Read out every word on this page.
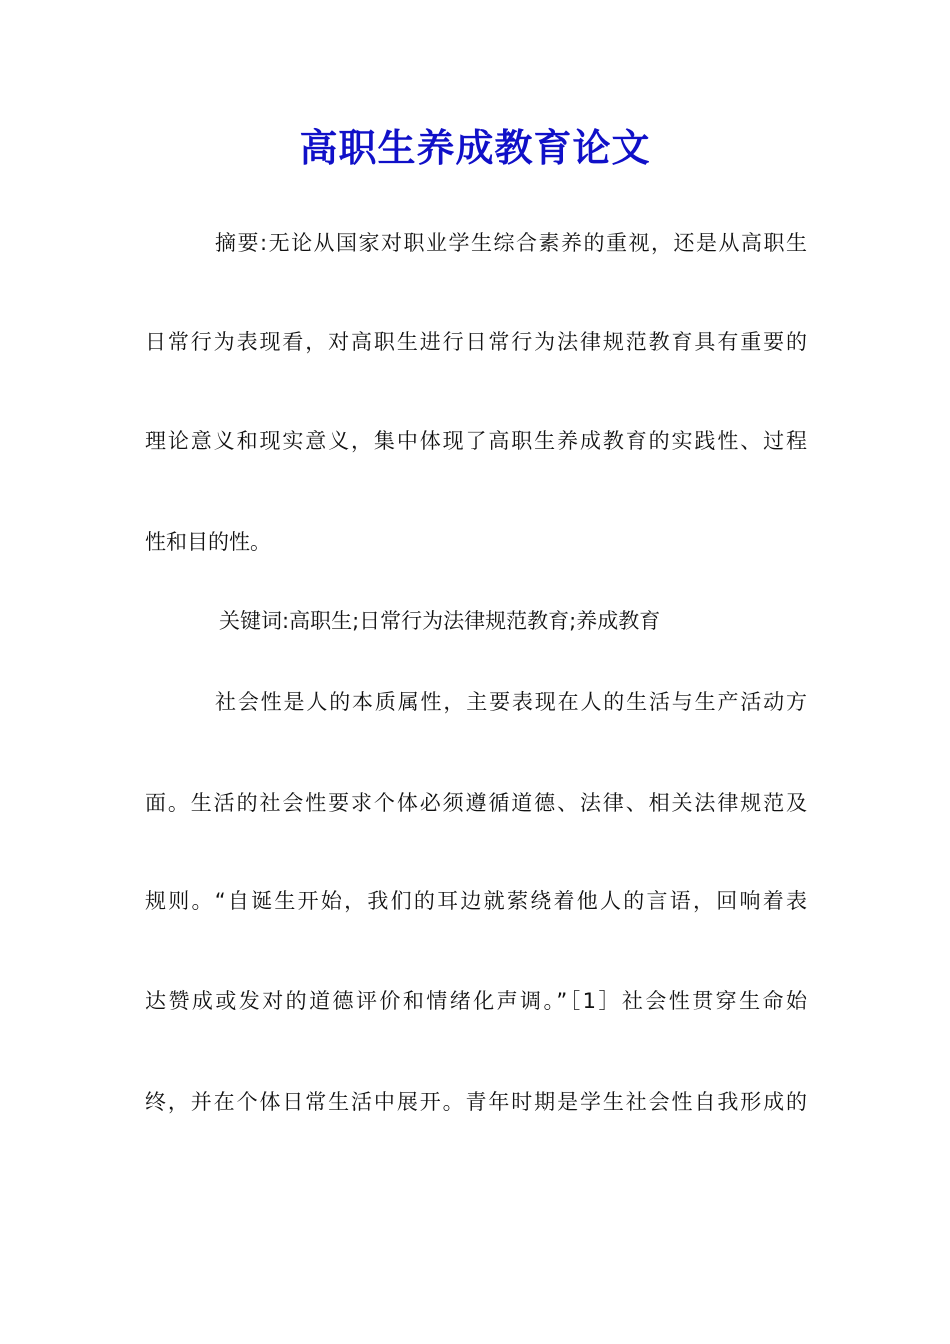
高职生养成教育论文
摘要:无论从国家对职业学生综合素养的重视，还是从高职生
日常行为表现看，对高职生进行日常行为法律规范教育具有重要的
理论意义和现实意义，集中体现了高职生养成教育的实践性、过程
性和目的性。
关键词:高职生;日常行为法律规范教育;养成教育
社会性是人的本质属性，主要表现在人的生活与生产活动方
面。生活的社会性要求个体必须遵循道德、法律、相关法律规范及
规则。“自诞生开始，我们的耳边就萦绕着他人的言语，回响着表
达赞成或发对的道德评价和情绪化声调。”［1］社会性贯穿生命始
终，并在个体日常生活中展开。青年时期是学生社会性自我形成的
